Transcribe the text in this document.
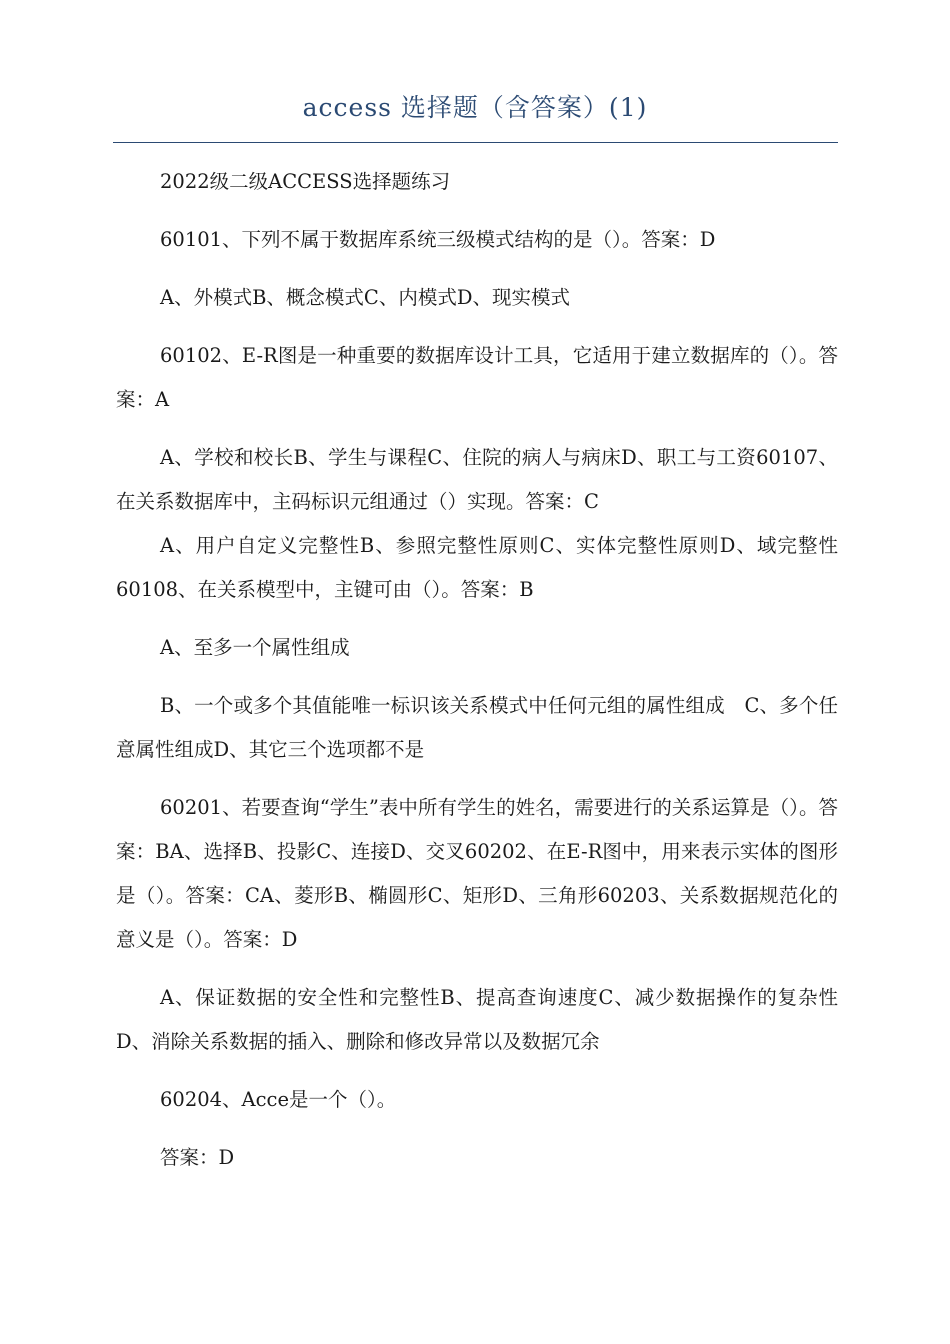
access 选择题（含答案）(1)

2022级二级ACCESS选择题练习

60101、下列不属于数据库系统三级模式结构的是（）。答案：D

A、外模式B、概念模式C、内模式D、现实模式

60102、E-R图是一种重要的数据库设计工具，它适用于建立数据库的（）。答案：A

A、学校和校长B、学生与课程C、住院的病人与病床D、职工与工资60107、在关系数据库中，主码标识元组通过（）实现。答案：C

A、用户自定义完整性B、参照完整性原则C、实体完整性原则D、域完整性60108、在关系模型中，主键可由（）。答案：B

A、至多一个属性组成

B、一个或多个其值能唯一标识该关系模式中任何元组的属性组成　C、多个任意属性组成D、其它三个选项都不是

60201、若要查询“学生”表中所有学生的姓名，需要进行的关系运算是（）。答案：BA、选择B、投影C、连接D、交叉60202、在E-R图中，用来表示实体的图形是（）。答案：CA、菱形B、椭圆形C、矩形D、三角形60203、关系数据规范化的意义是（）。答案：D

A、保证数据的安全性和完整性B、提高查询速度C、减少数据操作的复杂性D、消除关系数据的插入、删除和修改异常以及数据冗余

60204、Acce是一个（）。

答案：D
